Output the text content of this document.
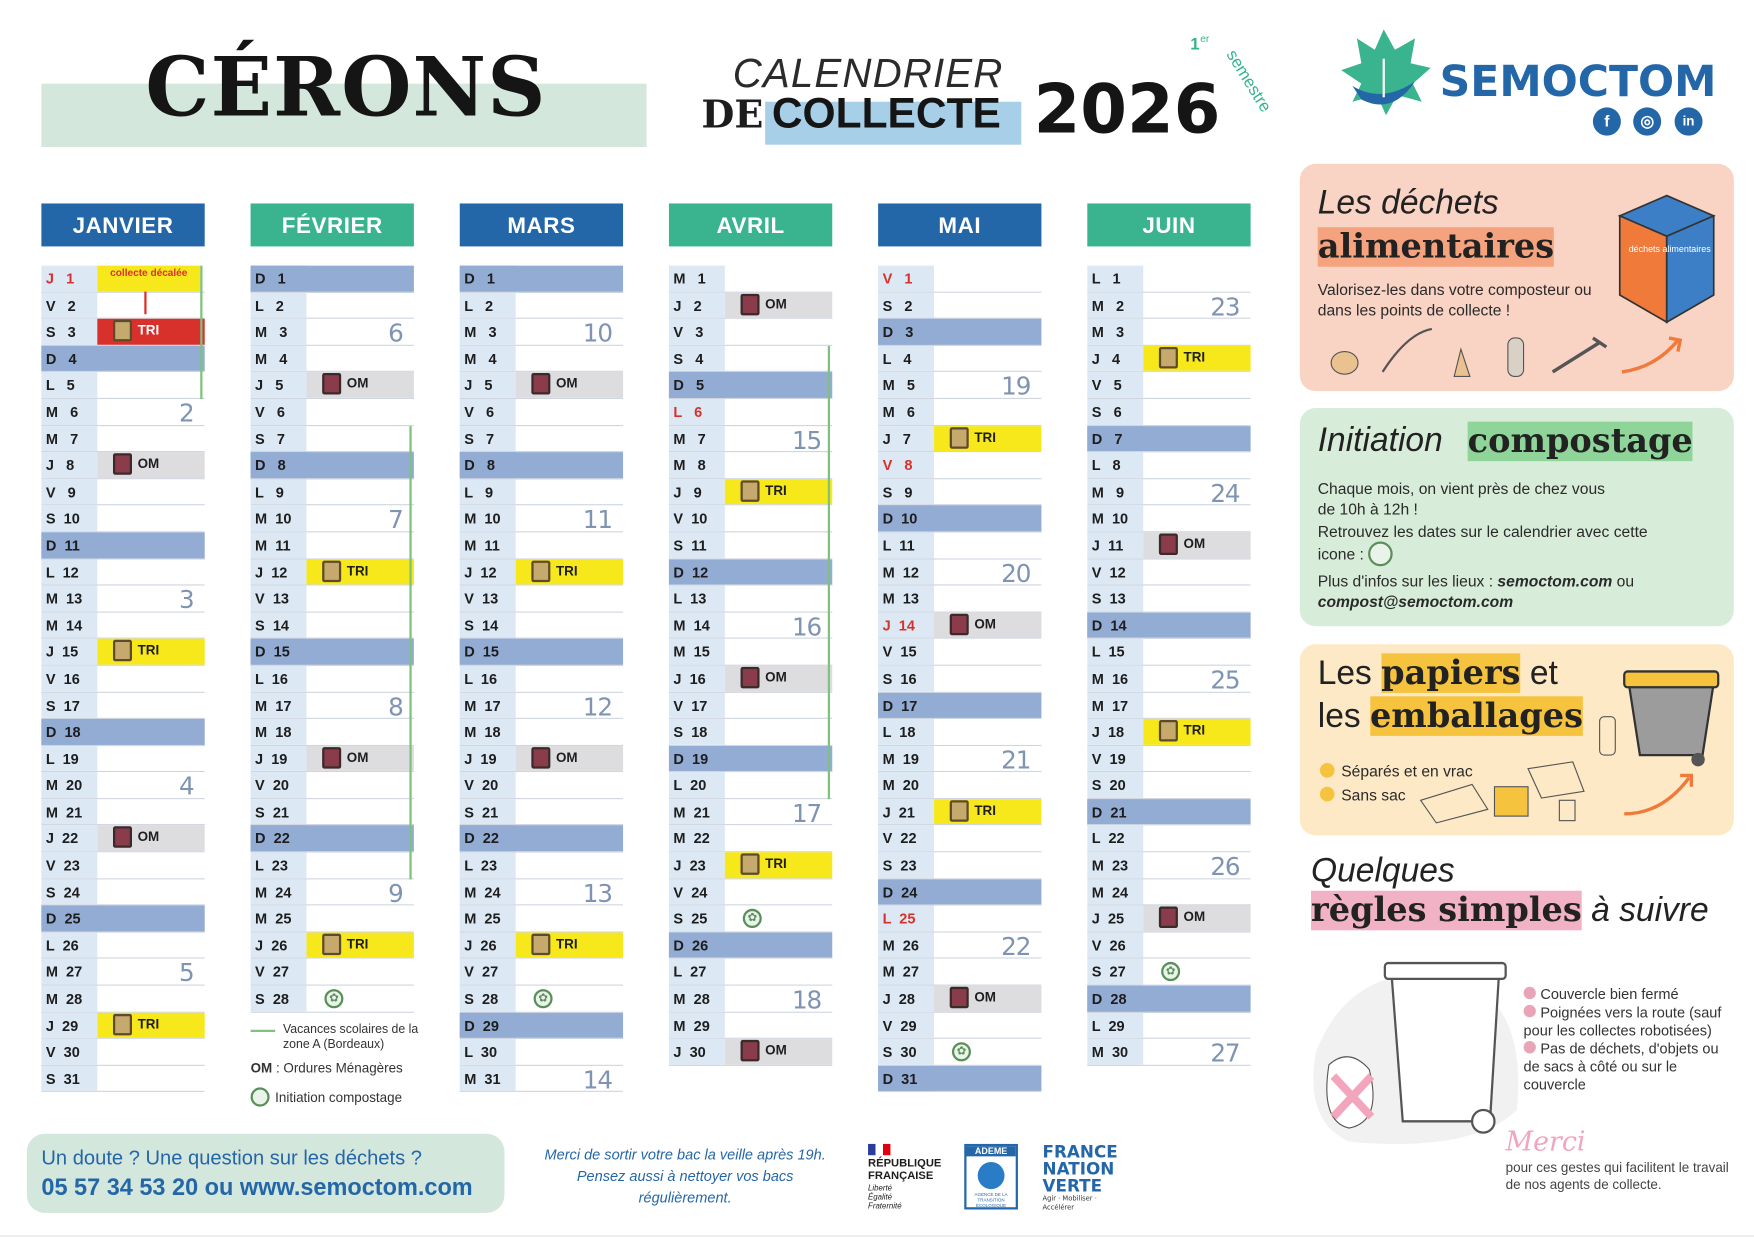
CÉRONS	CALENDRIER
DE COLLECTE 2026
1 er
semestre	SEMOCTOM
f	◎	in
JANVIER
J   1	collecte décalée
V   2
S   3	TRI
D   4
L   5
M   6	2
M   7
J   8	OM
V   9
S  10
D  11
L  12
M  13	3
M  14
J  15	TRI
V  16
S  17
D  18
L  19
M  20	4
M  21
J  22	OM
V  23
S  24
D  25
L  26
M  27	5
M  28
J  29	TRI
V  30
S  31
FÉVRIER
D   1
L   2
M   3	6
M   4
J   5	OM
V   6
S   7
D   8
L   9
M  10	7
M  11
J  12	TRI
V  13
S  14
D  15
L  16
M  17	8
M  18
J  19	OM
V  20
S  21
D  22
L  23
M  24	9
M  25
J  26	TRI
V  27
S  28	✿
MARS
D   1
L   2
M   3	10
M   4
J   5	OM
V   6
S   7
D   8
L   9
M  10	11
M  11
J  12	TRI
V  13
S  14
D  15
L  16
M  17	12
M  18
J  19	OM
V  20
S  21
D  22
L  23
M  24	13
M  25
J  26	TRI
V  27
S  28	✿
D  29
L  30
M  31	14
AVRIL
M   1
J   2	OM
V   3
S   4
D   5
L   6
M   7	15
M   8
J   9	TRI
V  10
S  11
D  12
L  13
M  14	16
M  15
J  16	OM
V  17
S  18
D  19
L  20
M  21	17
M  22
J  23	TRI
V  24
S  25	✿
D  26
L  27
M  28	18
M  29
J  30	OM
MAI
V   1
S   2
D   3
L   4
M   5	19
M   6
J   7	TRI
V   8
S   9
D  10
L  11
M  12	20
M  13
J  14	OM
V  15
S  16
D  17
L  18
M  19	21
M  20
J  21	TRI
V  22
S  23
D  24
L  25
M  26	22
M  27
J  28	OM
V  29
S  30	✿
D  31
JUIN
L   1
M   2	23
M   3
J   4	TRI
V   5
S   6
D   7
L   8
M   9	24
M  10
J  11	OM
V  12
S  13
D  14
L  15
M  16	25
M  17
J  18	TRI
V  19
S  20
D  21
L  22
M  23	26
M  24
J  25	OM
V  26
S  27	✿
D  28
L  29
M  30	27
Vacances scolaires de la zone A (Bordeaux)
OM : Ordures Ménagères
Initiation compostage
Les déchets
alimentaires
Valorisez-les dans votre composteur ou dans les points de collecte !
déchets alimentaires
Initiation compostage
Chaque mois, on vient près de chez vous de 10h à 12h !
Retrouvez les dates sur le calendrier avec cette icone :
Plus d'infos sur les lieux : semoctom.com ou
compost@semoctom.com
Les papiers et
les emballages
Séparés et en vrac
Sans sac
Quelques
règles simples à suivre
Couvercle bien fermé
Poignées vers la route (sauf pour les collectes robotisées)
Pas de déchets, d'objets ou de sacs à côté ou sur le couvercle
Merci
pour ces gestes qui facilitent le travail de nos agents de collecte.
Un doute ? Une question sur les déchets ?
05 57 34 53 20 ou www.semoctom.com
Merci de sortir votre bac la veille après 19h. Pensez aussi à nettoyer vos bacs régulièrement.
RÉPUBLIQUE FRANÇAISE
Liberté Égalité Fraternité
ADEME
AGENCE DE LA TRANSITION ÉCOLOGIQUE
FRANCE NATION VERTE
Agir · Mobiliser · Accélérer
